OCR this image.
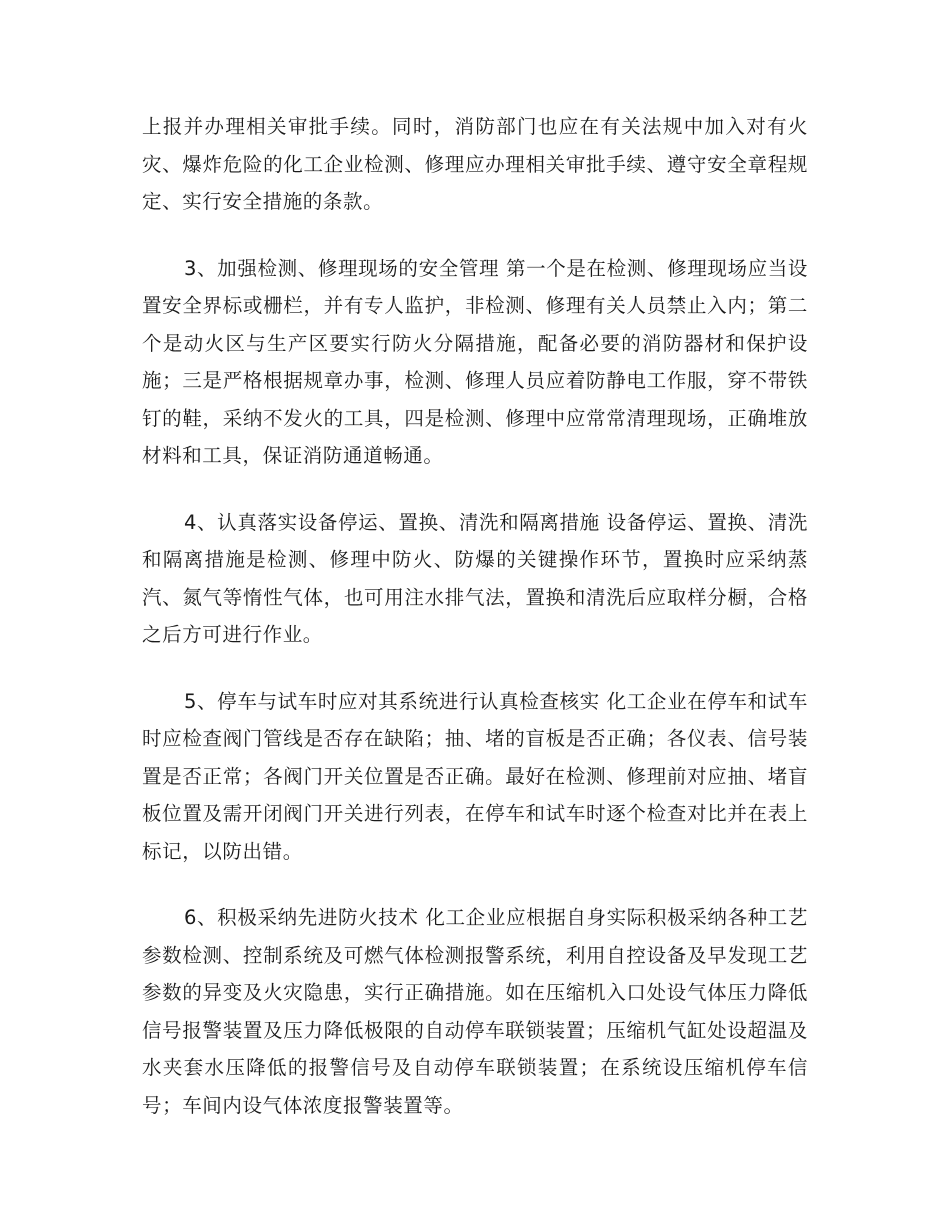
上报并办理相关审批手续。同时，消防部门也应在有关法规中加入对有火灾、爆炸危险的化工企业检测、修理应办理相关审批手续、遵守安全章程规定、实行安全措施的条款。

3、加强检测、修理现场的安全管理 第一个是在检测、修理现场应当设置安全界标或栅栏，并有专人监护，非检测、修理有关人员禁止入内；第二个是动火区与生产区要实行防火分隔措施，配备必要的消防器材和保护设施；三是严格根据规章办事，检测、修理人员应着防静电工作服，穿不带铁钉的鞋，采纳不发火的工具，四是检测、修理中应常常清理现场，正确堆放材料和工具，保证消防通道畅通。

4、认真落实设备停运、置换、清洗和隔离措施 设备停运、置换、清洗和隔离措施是检测、修理中防火、防爆的关键操作环节，置换时应采纳蒸汽、氮气等惰性气体，也可用注水排气法，置换和清洗后应取样分橱，合格之后方可进行作业。

5、停车与试车时应对其系统进行认真检查核实 化工企业在停车和试车时应检查阀门管线是否存在缺陷；抽、堵的盲板是否正确；各仪表、信号装置是否正常；各阀门开关位置是否正确。最好在检测、修理前对应抽、堵盲板位置及需开闭阀门开关进行列表，在停车和试车时逐个检查对比并在表上标记，以防出错。

6、积极采纳先进防火技术 化工企业应根据自身实际积极采纳各种工艺参数检测、控制系统及可燃气体检测报警系统，利用自控设备及早发现工艺参数的异变及火灾隐患，实行正确措施。如在压缩机入口处设气体压力降低信号报警装置及压力降低极限的自动停车联锁装置；压缩机气缸处设超温及水夹套水压降低的报警信号及自动停车联锁装置；在系统设压缩机停车信号；车间内设气体浓度报警装置等。
